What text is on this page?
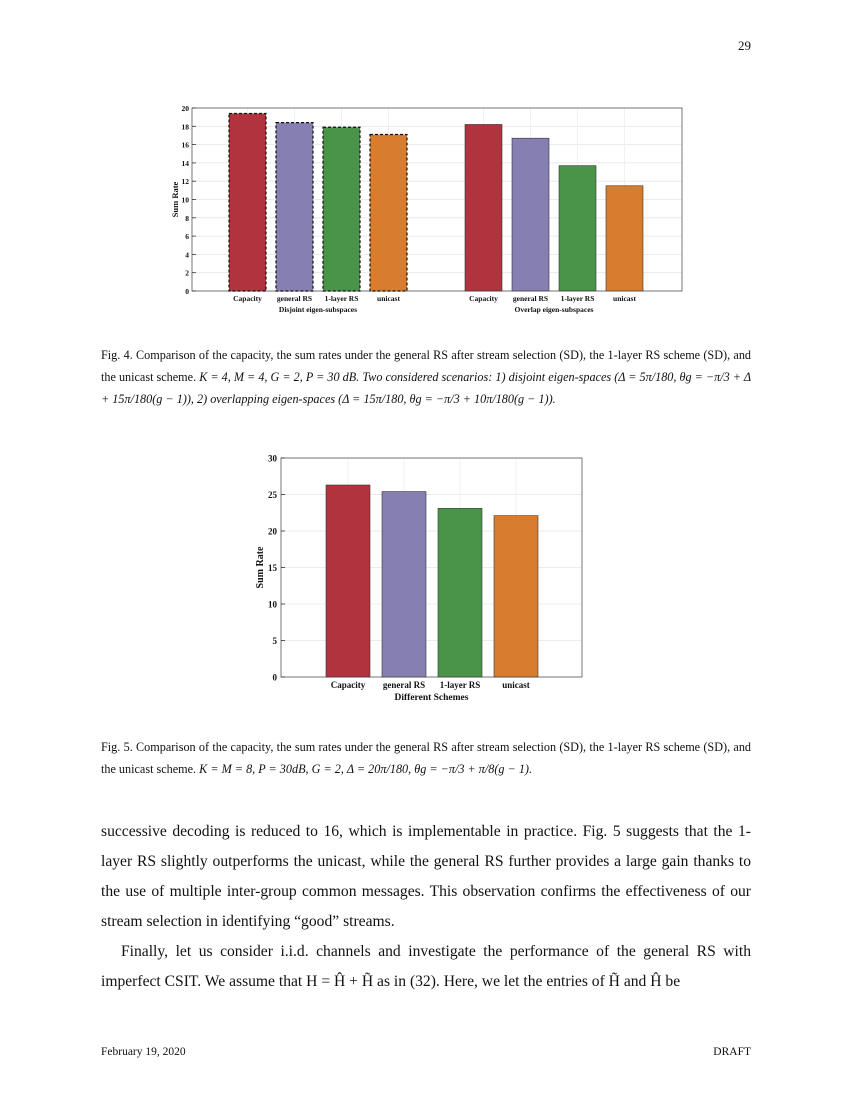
29
0
2
4
6
8
10
12
14
16
18
20
Sum Rate
Capacity general RS 1-layer RS unicast
Disjoint eigen-subspaces
Capacity general RS 1-layer RS unicast
Overlap eigen-subspaces
Fig. 4. Comparison of the capacity, the sum rates under the general RS after stream selection (SD), the 1-layer RS scheme (SD), and the unicast scheme. K = 4, M = 4, G = 2, P = 30 dB. Two considered scenarios: 1) disjoint eigen-spaces (Δ = 5π/180, θg = −π/3 + Δ + 15π/180(g − 1)), 2) overlapping eigen-spaces (Δ = 15π/180, θg = −π/3 + 10π/180(g − 1)).
0
5
10
15
20
25
30
Sum Rate
Capacity general RS 1-layer RS unicast
Different Schemes
Fig. 5. Comparison of the capacity, the sum rates under the general RS after stream selection (SD), the 1-layer RS scheme (SD), and the unicast scheme. K = M = 8, P = 30dB, G = 2, Δ = 20π/180, θg = −π/3 + π/8(g − 1).

successive decoding is reduced to 16, which is implementable in practice. Fig. 5 suggests that the 1-layer RS slightly outperforms the unicast, while the general RS further provides a large gain thanks to the use of multiple inter-group common messages. This observation confirms the effectiveness of our stream selection in identifying “good” streams.

Finally, let us consider i.i.d. channels and investigate the performance of the general RS with imperfect CSIT. We assume that H = Ĥ + H̃ as in (32). Here, we let the entries of H̃ and Ĥ be

February 19, 2020	DRAFT
